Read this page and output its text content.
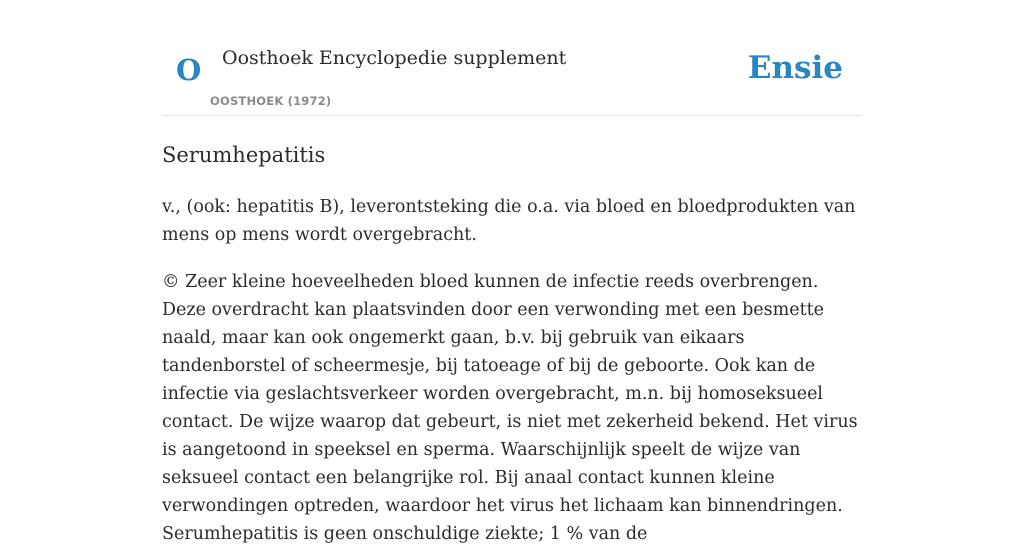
O Oosthoek Encyclopedie supplement
OOSTHOEK (1972)
Ensie
Serumhepatitis

v., (ook: hepatitis B), leverontsteking die o.a. via bloed en bloedprodukten van mens op mens wordt overgebracht.

© Zeer kleine hoeveelheden bloed kunnen de infectie reeds overbrengen. Deze overdracht kan plaatsvinden door een verwonding met een besmette naald, maar kan ook ongemerkt gaan, b.v. bij gebruik van eikaars tandenborstel of scheermesje, bij tatoeage of bij de geboorte. Ook kan de infectie via geslachtsverkeer worden overgebracht, m.n. bij homoseksueel contact. De wijze waarop dat gebeurt, is niet met zekerheid bekend. Het virus is aangetoond in speeksel en sperma. Waarschijnlijk speelt de wijze van seksueel contact een belangrijke rol. Bij anaal contact kunnen kleine verwondingen optreden, waardoor het virus het lichaam kan binnendringen. Serumhepatitis is geen onschuldige ziekte; 1 % van de
